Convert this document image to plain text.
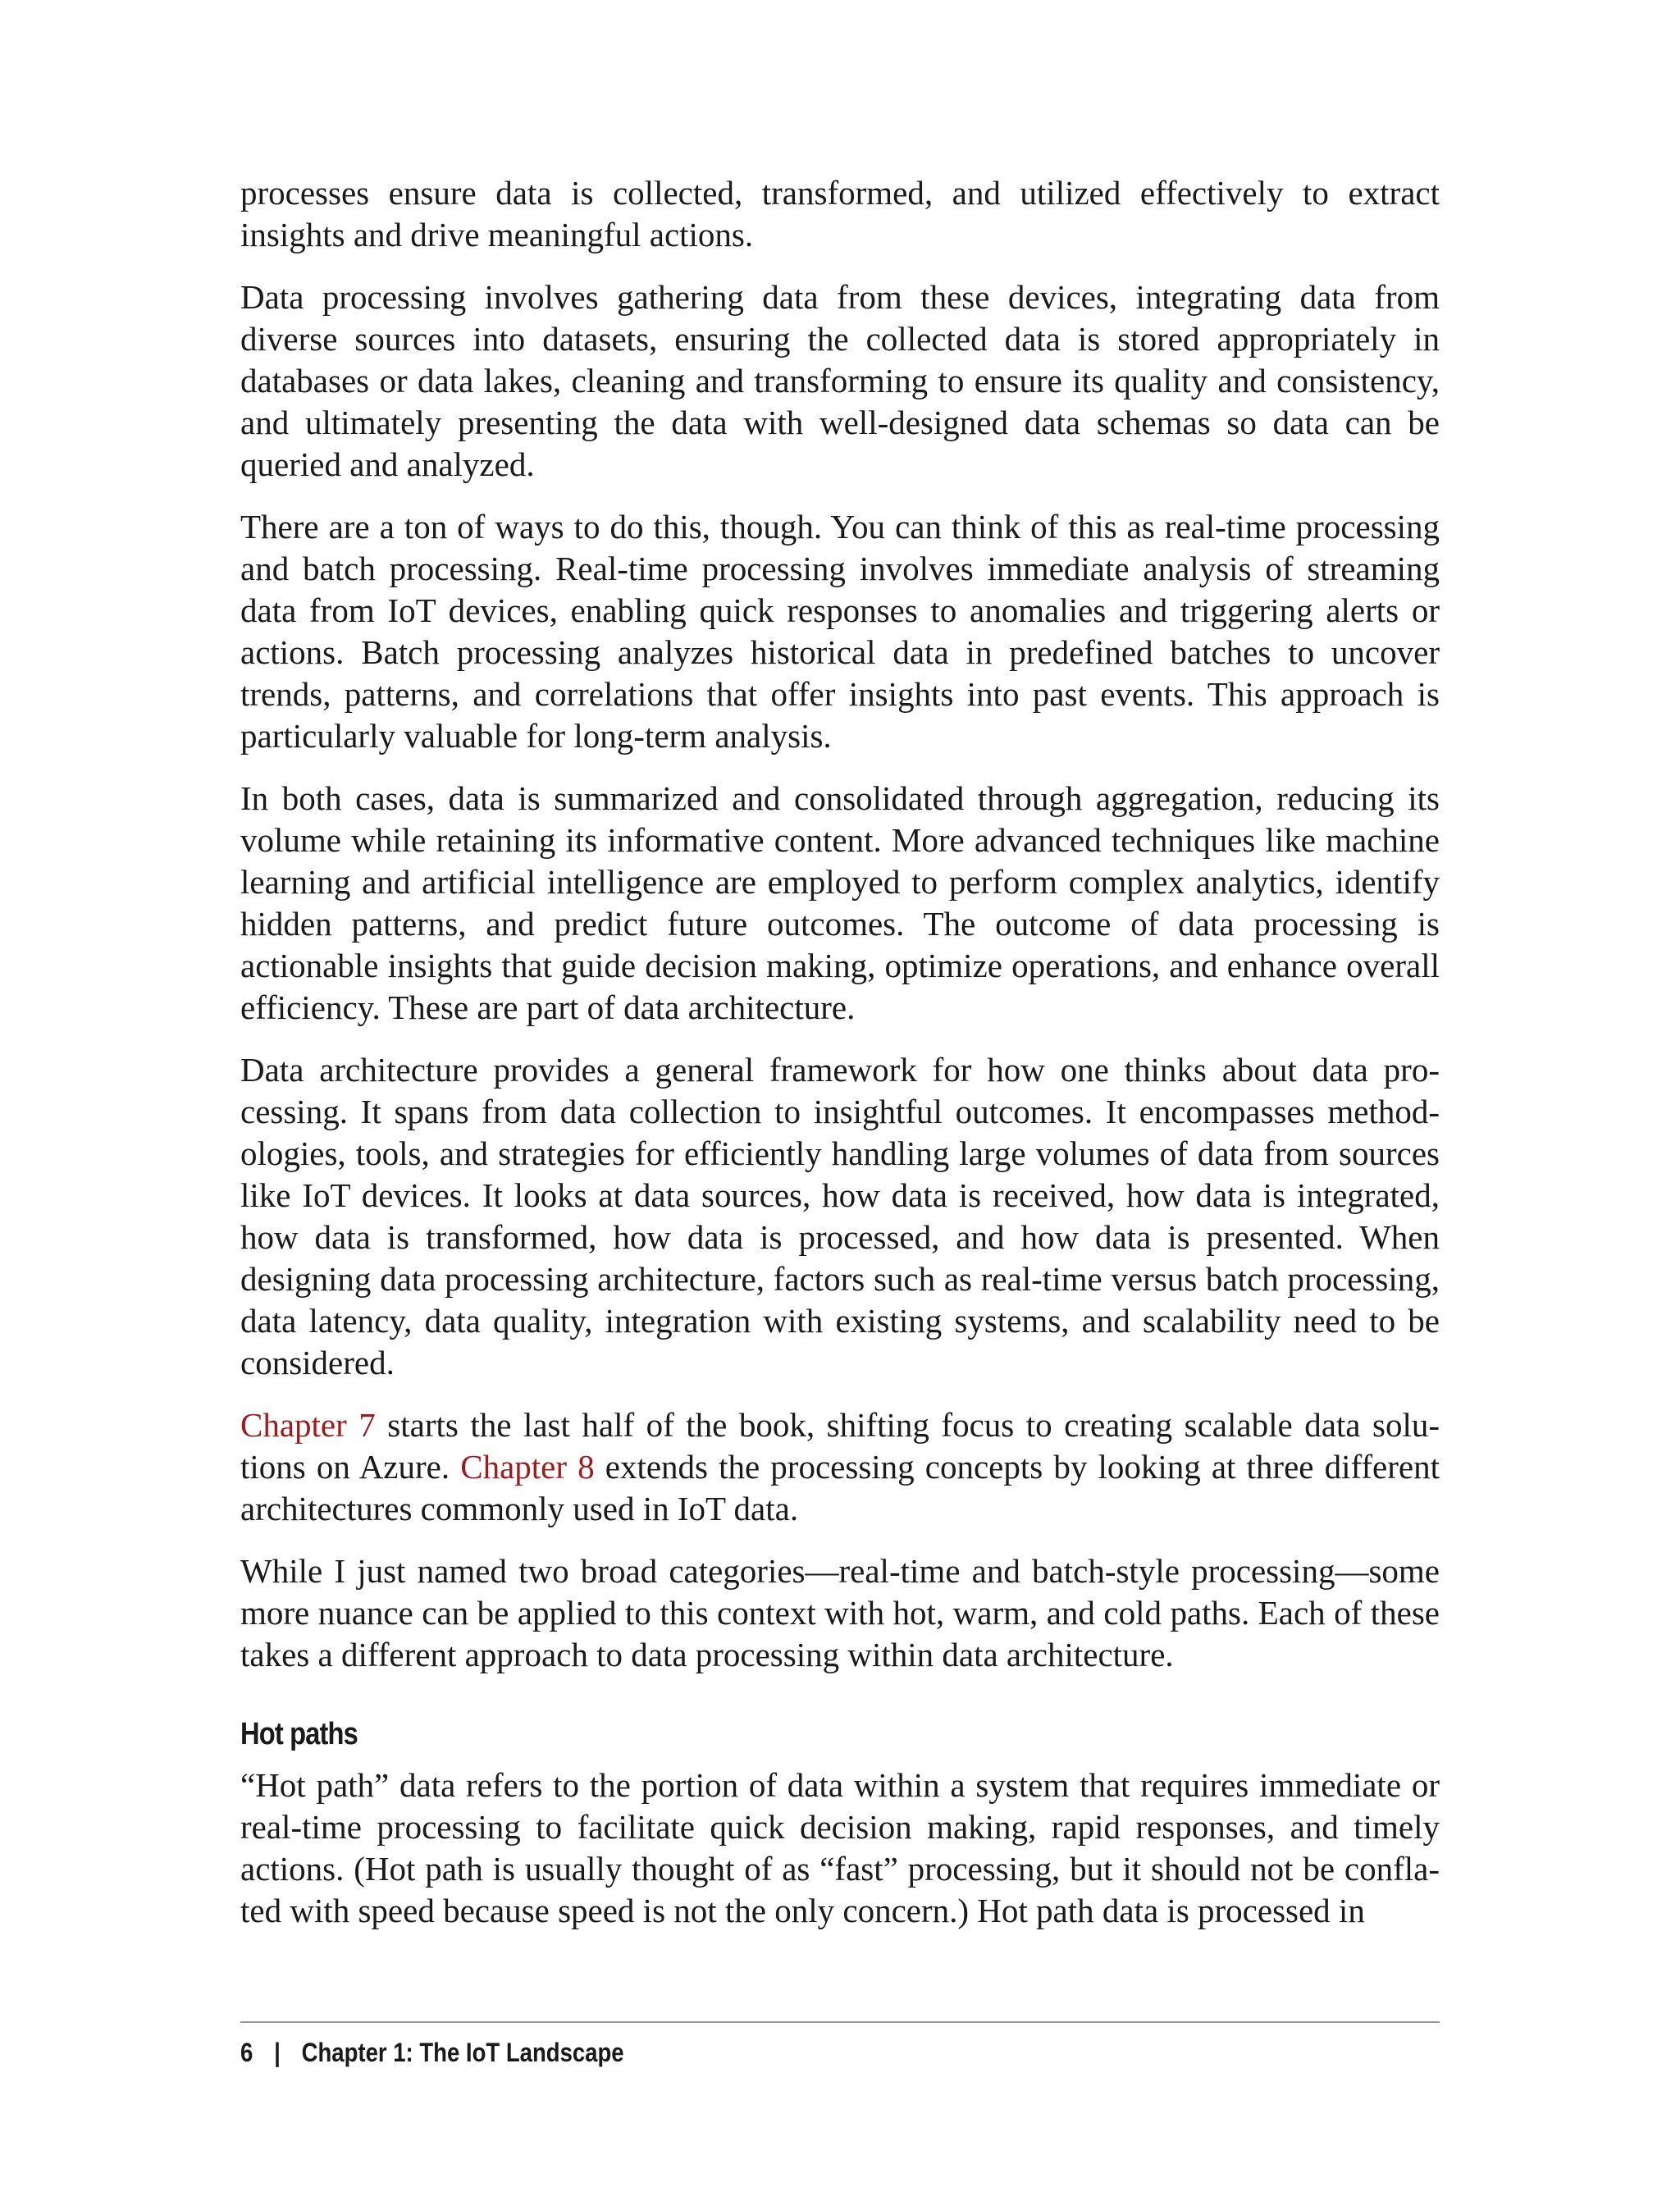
processes ensure data is collected, transformed, and utilized effectively to extract insights and drive meaningful actions.

Data processing involves gathering data from these devices, integrating data from diverse sources into datasets, ensuring the collected data is stored appropriately in databases or data lakes, cleaning and transforming to ensure its quality and consistency, and ultimately presenting the data with well-designed data schemas so data can be queried and analyzed.

There are a ton of ways to do this, though. You can think of this as real-time processing and batch processing. Real-time processing involves immediate analysis of streaming data from IoT devices, enabling quick responses to anomalies and triggering alerts or actions. Batch processing analyzes historical data in predefined batches to uncover trends, patterns, and correlations that offer insights into past events. This approach is particularly valuable for long-term analysis.

In both cases, data is summarized and consolidated through aggregation, reducing its volume while retaining its informative content. More advanced techniques like machine learning and artificial intelligence are employed to perform complex analytics, identify hidden patterns, and predict future outcomes. The outcome of data processing is actionable insights that guide decision making, optimize operations, and enhance overall efficiency. These are part of data architecture.

Data architecture provides a general framework for how one thinks about data processing. It spans from data collection to insightful outcomes. It encompasses methodologies, tools, and strategies for efficiently handling large volumes of data from sources like IoT devices. It looks at data sources, how data is received, how data is integrated, how data is transformed, how data is processed, and how data is presented. When designing data processing architecture, factors such as real-time versus batch processing, data latency, data quality, integration with existing systems, and scalability need to be considered.

Chapter 7 starts the last half of the book, shifting focus to creating scalable data solutions on Azure. Chapter 8 extends the processing concepts by looking at three different architectures commonly used in IoT data.

While I just named two broad categories—real-time and batch-style processing—some more nuance can be applied to this context with hot, warm, and cold paths. Each of these takes a different approach to data processing within data architecture.

Hot paths

“Hot path” data refers to the portion of data within a system that requires immediate or real-time processing to facilitate quick decision making, rapid responses, and timely actions. (Hot path is usually thought of as “fast” processing, but it should not be conflated with speed because speed is not the only concern.) Hot path data is processed in

6 | Chapter 1: The IoT Landscape
